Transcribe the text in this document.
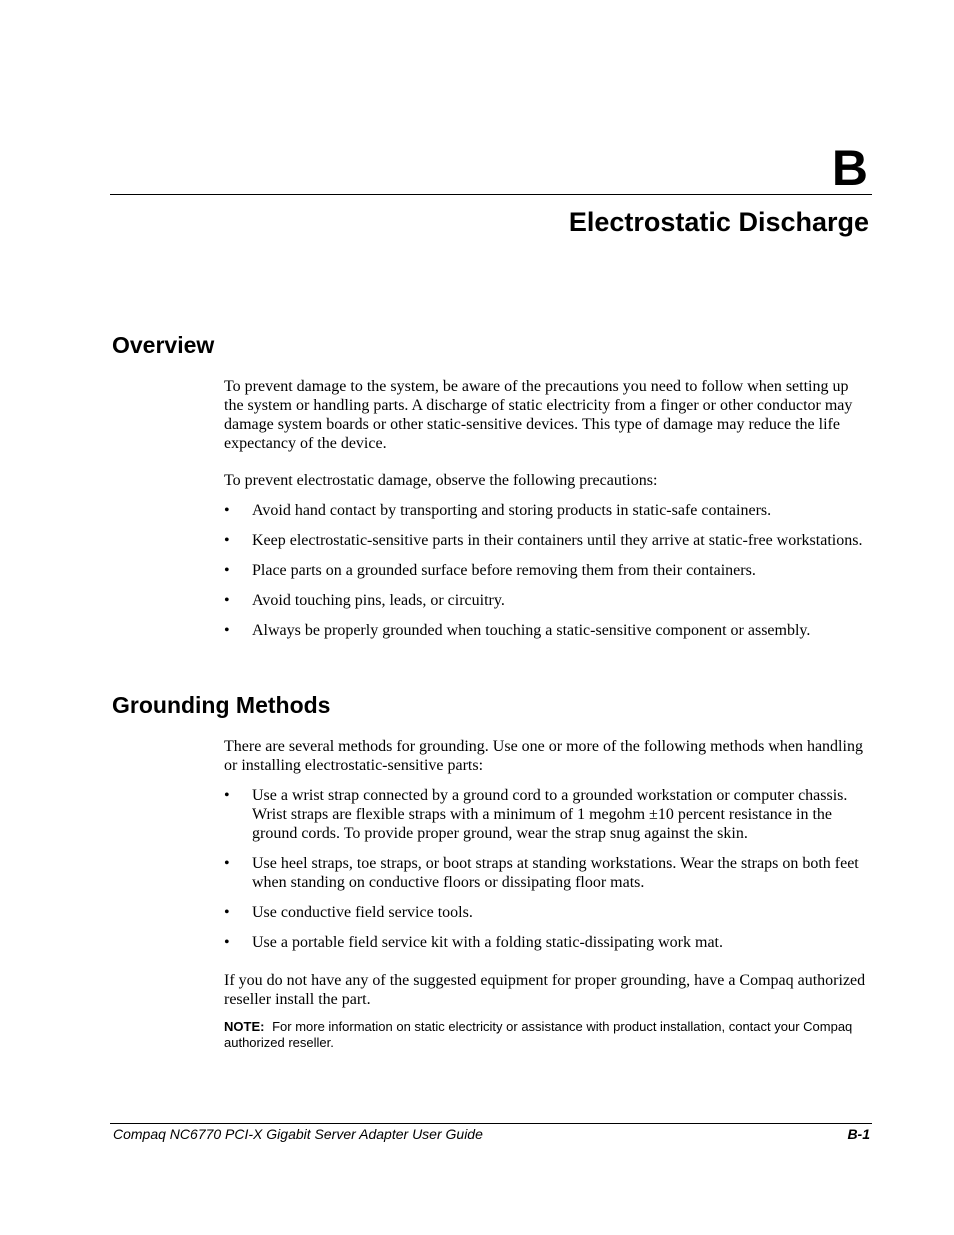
B
Electrostatic Discharge
Overview

To prevent damage to the system, be aware of the precautions you need to follow when setting up the system or handling parts. A discharge of static electricity from a finger or other conductor may damage system boards or other static-sensitive devices. This type of damage may reduce the life expectancy of the device.

To prevent electrostatic damage, observe the following precautions:

•	Avoid hand contact by transporting and storing products in static-safe containers.
•	Keep electrostatic-sensitive parts in their containers until they arrive at static-free workstations.
•	Place parts on a grounded surface before removing them from their containers.
•	Avoid touching pins, leads, or circuitry.
•	Always be properly grounded when touching a static-sensitive component or assembly.
Grounding Methods

There are several methods for grounding. Use one or more of the following methods when handling or installing electrostatic-sensitive parts:

•	Use a wrist strap connected by a ground cord to a grounded workstation or computer chassis. Wrist straps are flexible straps with a minimum of 1 megohm ±10 percent resistance in the ground cords. To provide proper ground, wear the strap snug against the skin.
•	Use heel straps, toe straps, or boot straps at standing workstations. Wear the straps on both feet when standing on conductive floors or dissipating floor mats.
•	Use conductive field service tools.
•	Use a portable field service kit with a folding static-dissipating work mat.

If you do not have any of the suggested equipment for proper grounding, have a Compaq authorized reseller install the part.

NOTE: For more information on static electricity or assistance with product installation, contact your Compaq authorized reseller.
Compaq NC6770 PCI-X Gigabit Server Adapter User Guide	B-1
